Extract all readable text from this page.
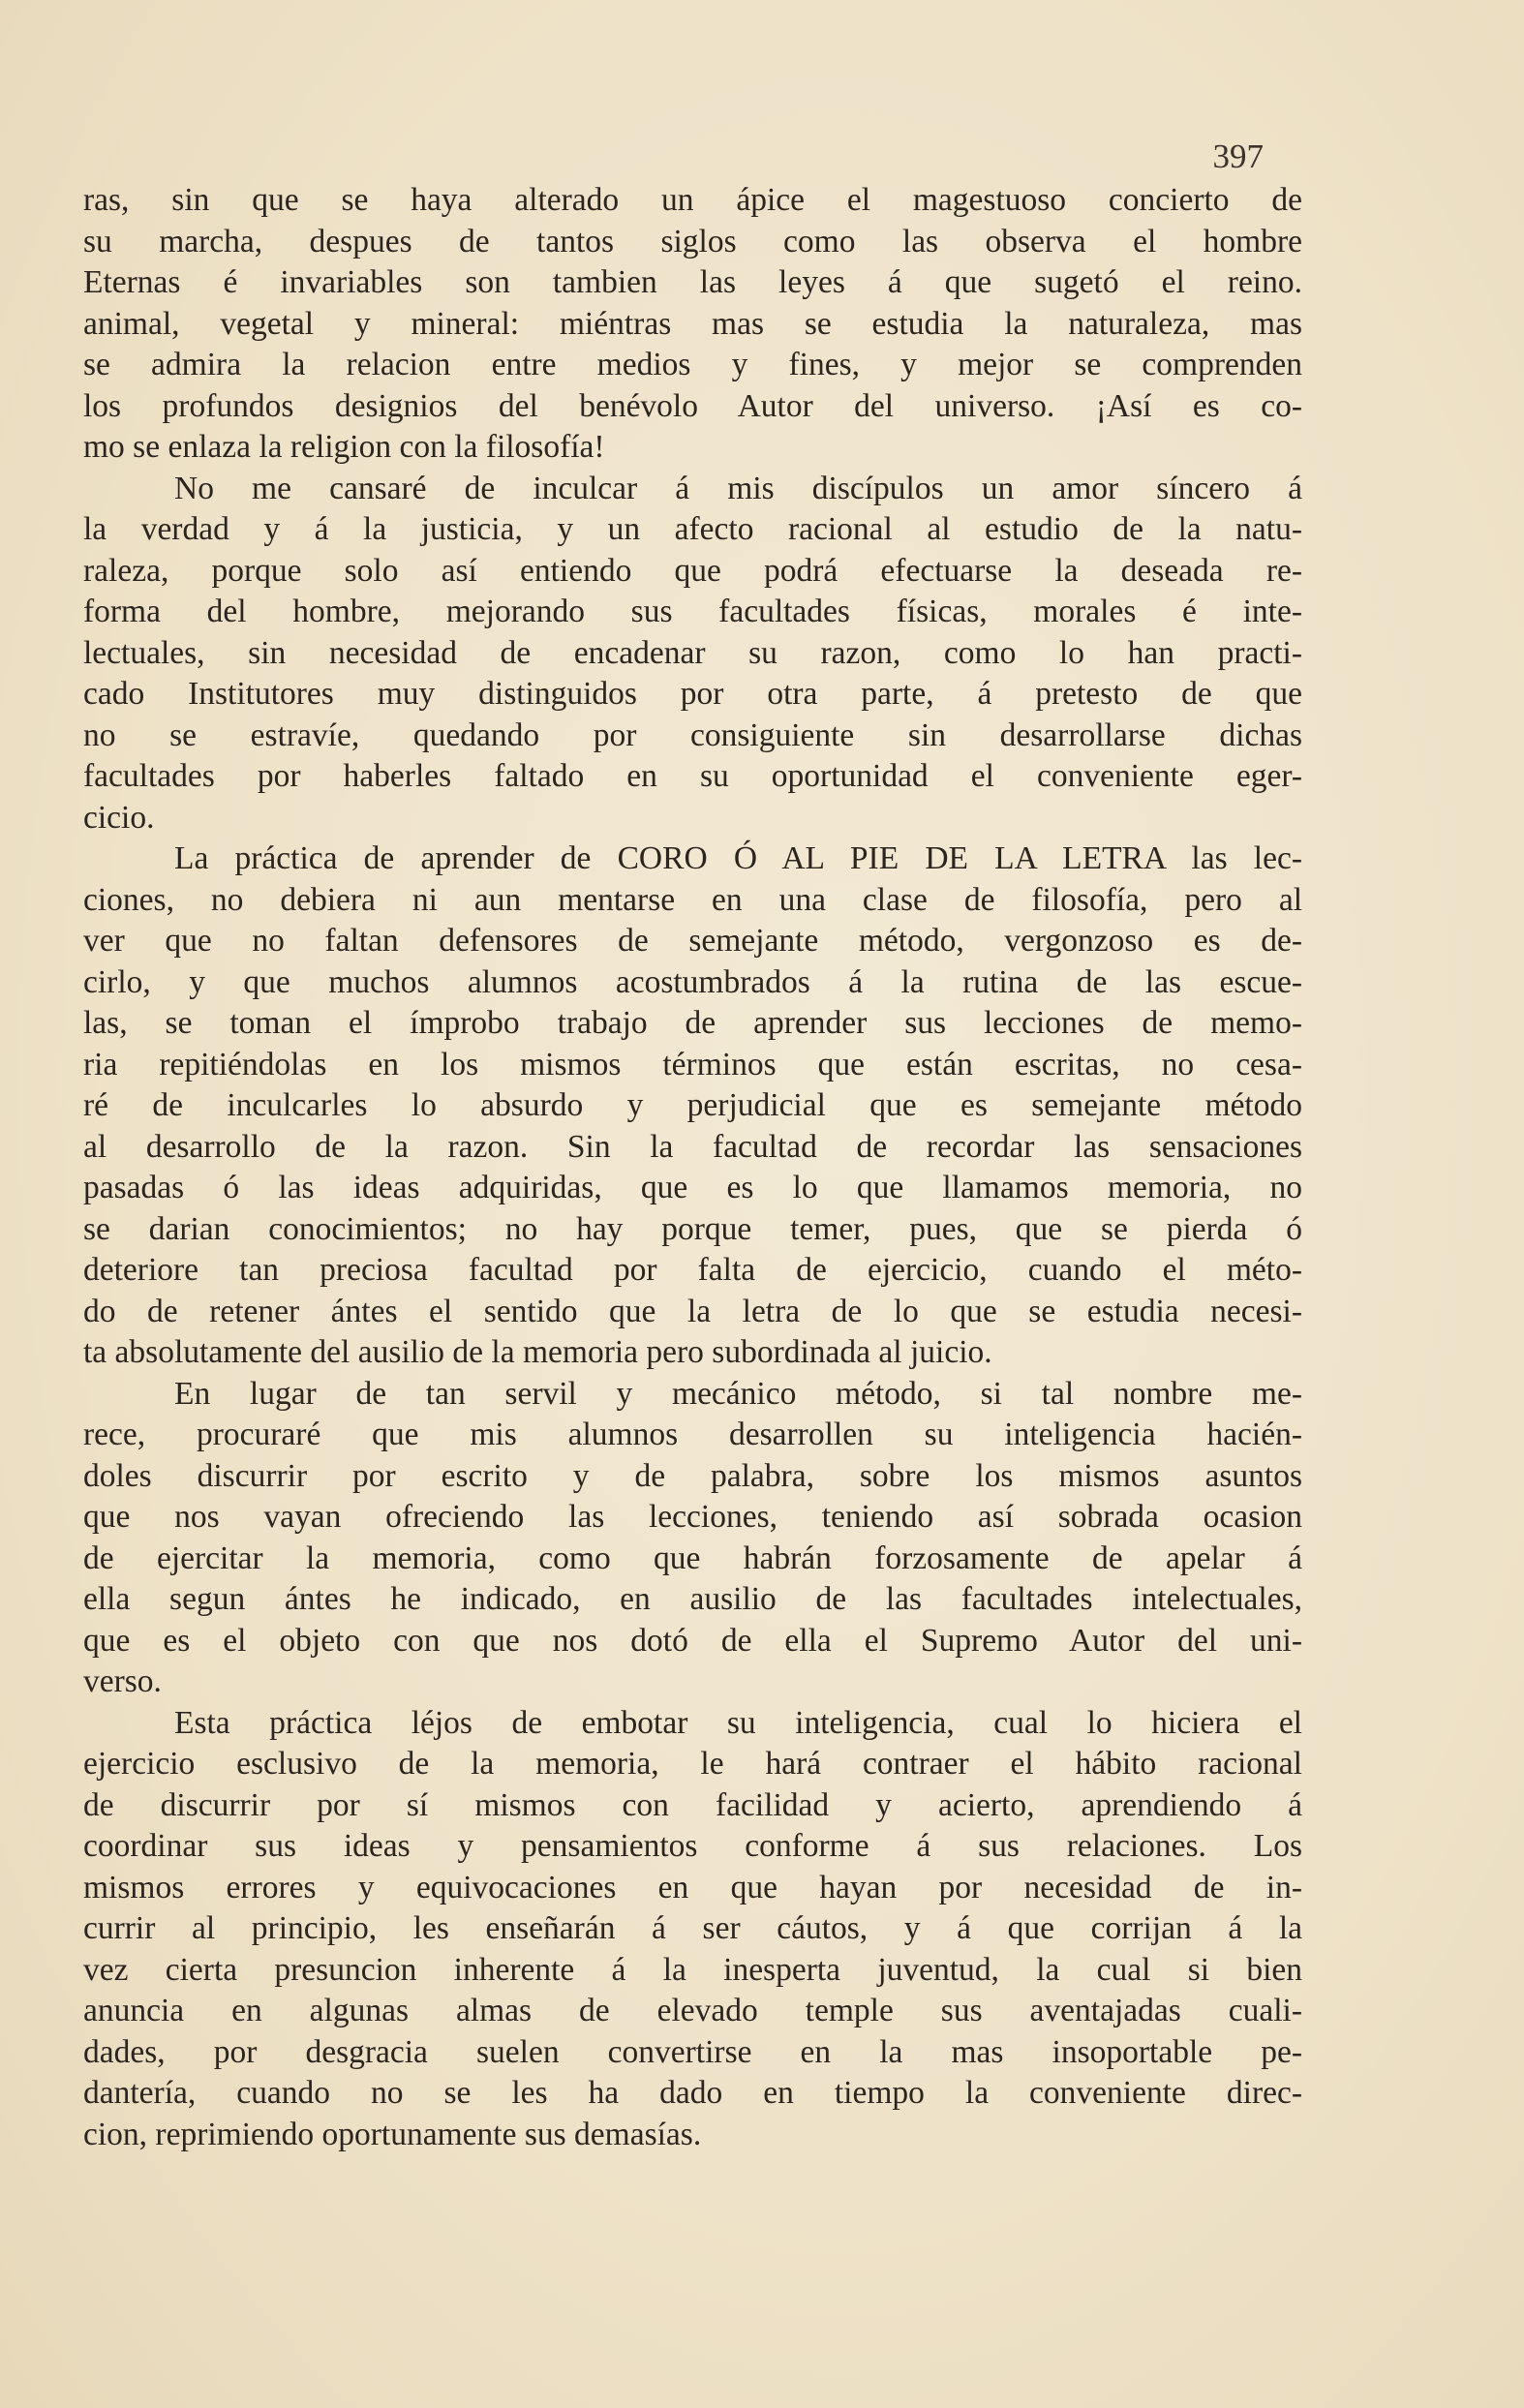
397
ras, sin que se haya alterado un ápice el magestuoso concierto de
su marcha, despues de tantos siglos como las observa el hombre
Eternas é invariables son tambien las leyes á que sugetó el reino.
animal, vegetal y mineral: miéntras mas se estudia la naturaleza, mas
se admira la relacion entre medios y fines, y mejor se comprenden
los profundos designios del benévolo Autor del universo. ¡Así es co-
mo se enlaza la religion con la filosofía!
No me cansaré de inculcar á mis discípulos un amor síncero á
la verdad y á la justicia, y un afecto racional al estudio de la natu-
raleza, porque solo así entiendo que podrá efectuarse la deseada re-
forma del hombre, mejorando sus facultades físicas, morales é inte-
lectuales, sin necesidad de encadenar su razon, como lo han practi-
cado Institutores muy distinguidos por otra parte, á pretesto de que
no se estravíe, quedando por consiguiente sin desarrollarse dichas
facultades por haberles faltado en su oportunidad el conveniente eger-
cicio.
La práctica de aprender de CORO Ó AL PIE DE LA LETRA las lec-
ciones, no debiera ni aun mentarse en una clase de filosofía, pero al
ver que no faltan defensores de semejante método, vergonzoso es de-
cirlo, y que muchos alumnos acostumbrados á la rutina de las escue-
las, se toman el ímprobo trabajo de aprender sus lecciones de memo-
ria repitiéndolas en los mismos términos que están escritas, no cesa-
ré de inculcarles lo absurdo y perjudicial que es semejante método
al desarrollo de la razon. Sin la facultad de recordar las sensaciones
pasadas ó las ideas adquiridas, que es lo que llamamos memoria, no
se darian conocimientos; no hay porque temer, pues, que se pierda ó
deteriore tan preciosa facultad por falta de ejercicio, cuando el méto-
do de retener ántes el sentido que la letra de lo que se estudia necesi-
ta absolutamente del ausilio de la memoria pero subordinada al juicio.
En lugar de tan servil y mecánico método, si tal nombre me-
rece, procuraré que mis alumnos desarrollen su inteligencia hacién-
doles discurrir por escrito y de palabra, sobre los mismos asuntos
que nos vayan ofreciendo las lecciones, teniendo así sobrada ocasion
de ejercitar la memoria, como que habrán forzosamente de apelar á
ella segun ántes he indicado, en ausilio de las facultades intelectuales,
que es el objeto con que nos dotó de ella el Supremo Autor del uni-
verso.
Esta práctica léjos de embotar su inteligencia, cual lo hiciera el
ejercicio esclusivo de la memoria, le hará contraer el hábito racional
de discurrir por sí mismos con facilidad y acierto, aprendiendo á
coordinar sus ideas y pensamientos conforme á sus relaciones. Los
mismos errores y equivocaciones en que hayan por necesidad de in-
currir al principio, les enseñarán á ser cáutos, y á que corrijan á la
vez cierta presuncion inherente á la inesperta juventud, la cual si bien
anuncia en algunas almas de elevado temple sus aventajadas cuali-
dades, por desgracia suelen convertirse en la mas insoportable pe-
dantería, cuando no se les ha dado en tiempo la conveniente direc-
cion, reprimiendo oportunamente sus demasías.
